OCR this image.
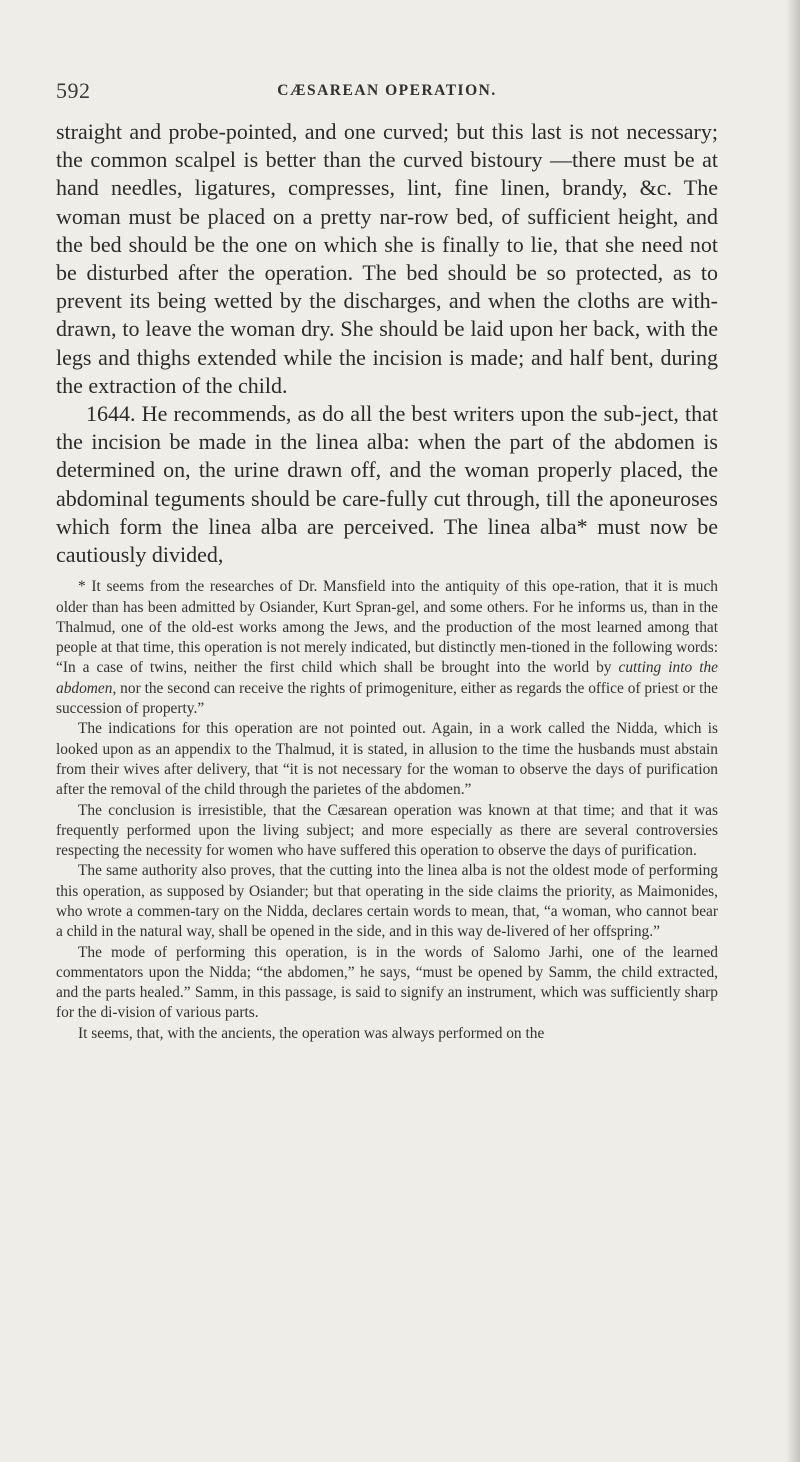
592	CÆSAREAN OPERATION.

straight and probe-pointed, and one curved; but this last is not necessary; the common scalpel is better than the curved bistoury —there must be at hand needles, ligatures, compresses, lint, fine linen, brandy, &c. The woman must be placed on a pretty nar-row bed, of sufficient height, and the bed should be the one on which she is finally to lie, that she need not be disturbed after the operation. The bed should be so protected, as to prevent its being wetted by the discharges, and when the cloths are with-drawn, to leave the woman dry. She should be laid upon her back, with the legs and thighs extended while the incision is made; and half bent, during the extraction of the child.

1644. He recommends, as do all the best writers upon the sub-ject, that the incision be made in the linea alba: when the part of the abdomen is determined on, the urine drawn off, and the woman properly placed, the abdominal teguments should be care-fully cut through, till the aponeuroses which form the linea alba are perceived. The linea alba* must now be cautiously divided,

* It seems from the researches of Dr. Mansfield into the antiquity of this ope-ration, that it is much older than has been admitted by Osiander, Kurt Spran-gel, and some others. For he informs us, than in the Thalmud, one of the old-est works among the Jews, and the production of the most learned among that people at that time, this operation is not merely indicated, but distinctly men-tioned in the following words: “In a case of twins, neither the first child which shall be brought into the world by cutting into the abdomen, nor the second can receive the rights of primogeniture, either as regards the office of priest or the succession of property.”

The indications for this operation are not pointed out. Again, in a work called the Nidda, which is looked upon as an appendix to the Thalmud, it is stated, in allusion to the time the husbands must abstain from their wives after delivery, that “it is not necessary for the woman to observe the days of purification after the removal of the child through the parietes of the abdomen.”

The conclusion is irresistible, that the Cæsarean operation was known at that time; and that it was frequently performed upon the living subject; and more especially as there are several controversies respecting the necessity for women who have suffered this operation to observe the days of purification.

The same authority also proves, that the cutting into the linea alba is not the oldest mode of performing this operation, as supposed by Osiander; but that operating in the side claims the priority, as Maimonides, who wrote a commen-tary on the Nidda, declares certain words to mean, that, “a woman, who cannot bear a child in the natural way, shall be opened in the side, and in this way de-livered of her offspring.”

The mode of performing this operation, is in the words of Salomo Jarhi, one of the learned commentators upon the Nidda; “the abdomen,” he says, “must be opened by Samm, the child extracted, and the parts healed.” Samm, in this passage, is said to signify an instrument, which was sufficiently sharp for the di-vision of various parts.

It seems, that, with the ancients, the operation was always performed on the
